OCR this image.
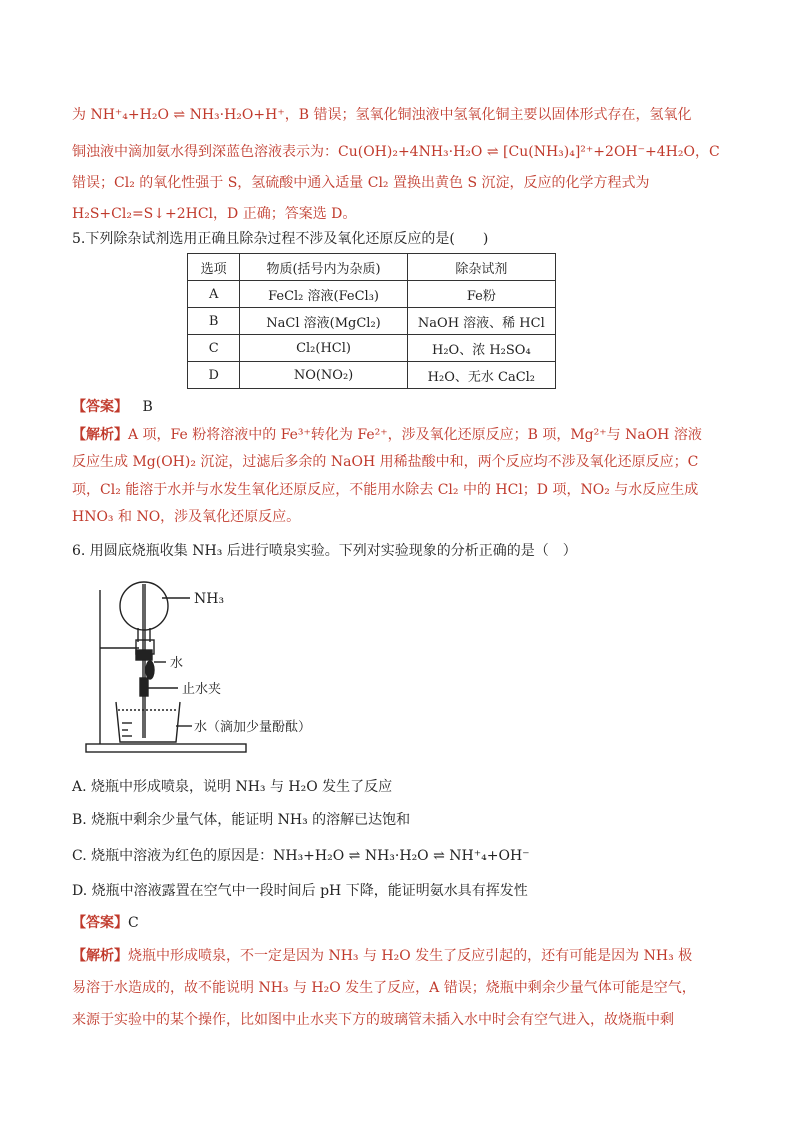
为 NH⁺₄+H₂O ⇌ NH₃·H₂O+H⁺，B 错误；氢氧化铜浊液中氢氧化铜主要以固体形式存在，氢氧化
铜浊液中滴加氨水得到深蓝色溶液表示为：Cu(OH)₂+4NH₃·H₂O ⇌ [Cu(NH₃)₄]²⁺+2OH⁻+4H₂O，C
错误；Cl₂ 的氧化性强于 S，氢硫酸中通入适量 Cl₂ 置换出黄色 S 沉淀，反应的化学方程式为
H₂S+Cl₂=S↓+2HCl，D 正确；答案选 D。
5.下列除杂试剂选用正确且除杂过程不涉及氧化还原反应的是(　　)
选项	物质(括号内为杂质)	除杂试剂
A	FeCl₂ 溶液(FeCl₃)	Fe粉
B	NaCl 溶液(MgCl₂)	NaOH 溶液、稀 HCl
C	Cl₂(HCl)	H₂O、浓 H₂SO₄
D	NO(NO₂)	H₂O、无水 CaCl₂
【答案】 B
【解析】A 项，Fe 粉将溶液中的 Fe³⁺转化为 Fe²⁺，涉及氧化还原反应；B 项，Mg²⁺与 NaOH 溶液
反应生成 Mg(OH)₂ 沉淀，过滤后多余的 NaOH 用稀盐酸中和，两个反应均不涉及氧化还原反应；C
项，Cl₂ 能溶于水并与水发生氧化还原反应，不能用水除去 Cl₂ 中的 HCl；D 项，NO₂ 与水反应生成
HNO₃ 和 NO，涉及氧化还原反应。
6. 用圆底烧瓶收集 NH₃ 后进行喷泉实验。下列对实验现象的分析正确的是（　）
NH₃
水
止水夹
水（滴加少量酚酞）
A. 烧瓶中形成喷泉，说明 NH₃ 与 H₂O 发生了反应
B. 烧瓶中剩余少量气体，能证明 NH₃ 的溶解已达饱和
C. 烧瓶中溶液为红色的原因是：NH₃+H₂O ⇌ NH₃·H₂O ⇌ NH⁺₄+OH⁻
D. 烧瓶中溶液露置在空气中一段时间后 pH 下降，能证明氨水具有挥发性
【答案】C
【解析】烧瓶中形成喷泉，不一定是因为 NH₃ 与 H₂O 发生了反应引起的，还有可能是因为 NH₃ 极
易溶于水造成的，故不能说明 NH₃ 与 H₂O 发生了反应，A 错误；烧瓶中剩余少量气体可能是空气，
来源于实验中的某个操作，比如图中止水夹下方的玻璃管未插入水中时会有空气进入，故烧瓶中剩
